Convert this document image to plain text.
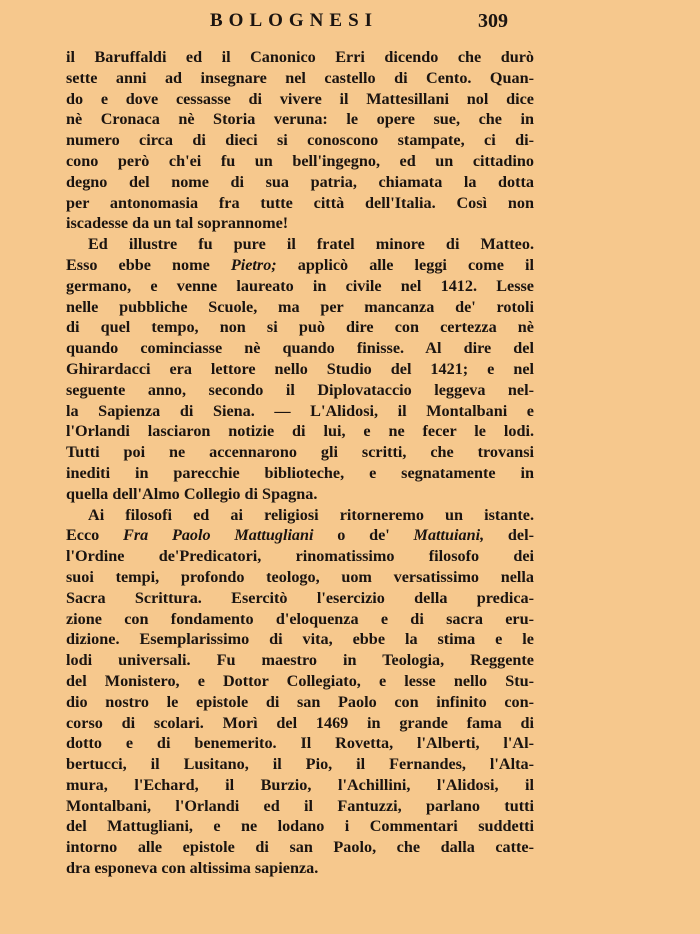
BOLOGNESI	309
il Baruffaldi ed il Canonico Erri dicendo che durò
sette anni ad insegnare nel castello di Cento. Quan-
do e dove cessasse di vivere il Mattesillani nol dice
nè Cronaca nè Storia veruna: le opere sue, che in
numero circa di dieci si conoscono stampate, ci di-
cono però ch'ei fu un bell'ingegno, ed un cittadino
degno del nome di sua patria, chiamata la dotta
per antonomasia fra tutte città dell'Italia. Così non
iscadesse da un tal soprannome!
Ed illustre fu pure il fratel minore di Matteo.
Esso ebbe nome Pietro; applicò alle leggi come il
germano, e venne laureato in civile nel 1412. Lesse
nelle pubbliche Scuole, ma per mancanza de' rotoli
di quel tempo, non si può dire con certezza nè
quando cominciasse nè quando finisse. Al dire del
Ghirardacci era lettore nello Studio del 1421; e nel
seguente anno, secondo il Diplovataccio leggeva nel-
la Sapienza di Siena. — L'Alidosi, il Montalbani e
l'Orlandi lasciaron notizie di lui, e ne fecer le lodi.
Tutti poi ne accennarono gli scritti, che trovansi
inediti in parecchie biblioteche, e segnatamente in
quella dell'Almo Collegio di Spagna.
Ai filosofi ed ai religiosi ritorneremo un istante.
Ecco Fra Paolo Mattugliani o de' Mattuiani, del-
l'Ordine de'Predicatori, rinomatissimo filosofo dei
suoi tempi, profondo teologo, uom versatissimo nella
Sacra Scrittura. Esercitò l'esercizio della predica-
zione con fondamento d'eloquenza e di sacra eru-
dizione. Esemplarissimo di vita, ebbe la stima e le
lodi universali. Fu maestro in Teologia, Reggente
del Monistero, e Dottor Collegiato, e lesse nello Stu-
dio nostro le epistole di san Paolo con infinito con-
corso di scolari. Morì del 1469 in grande fama di
dotto e di benemerito. Il Rovetta, l'Alberti, l'Al-
bertucci, il Lusitano, il Pio, il Fernandes, l'Alta-
mura, l'Echard, il Burzio, l'Achillini, l'Alidosi, il
Montalbani, l'Orlandi ed il Fantuzzi, parlano tutti
del Mattugliani, e ne lodano i Commentari suddetti
intorno alle epistole di san Paolo, che dalla catte-
dra esponeva con altissima sapienza.
